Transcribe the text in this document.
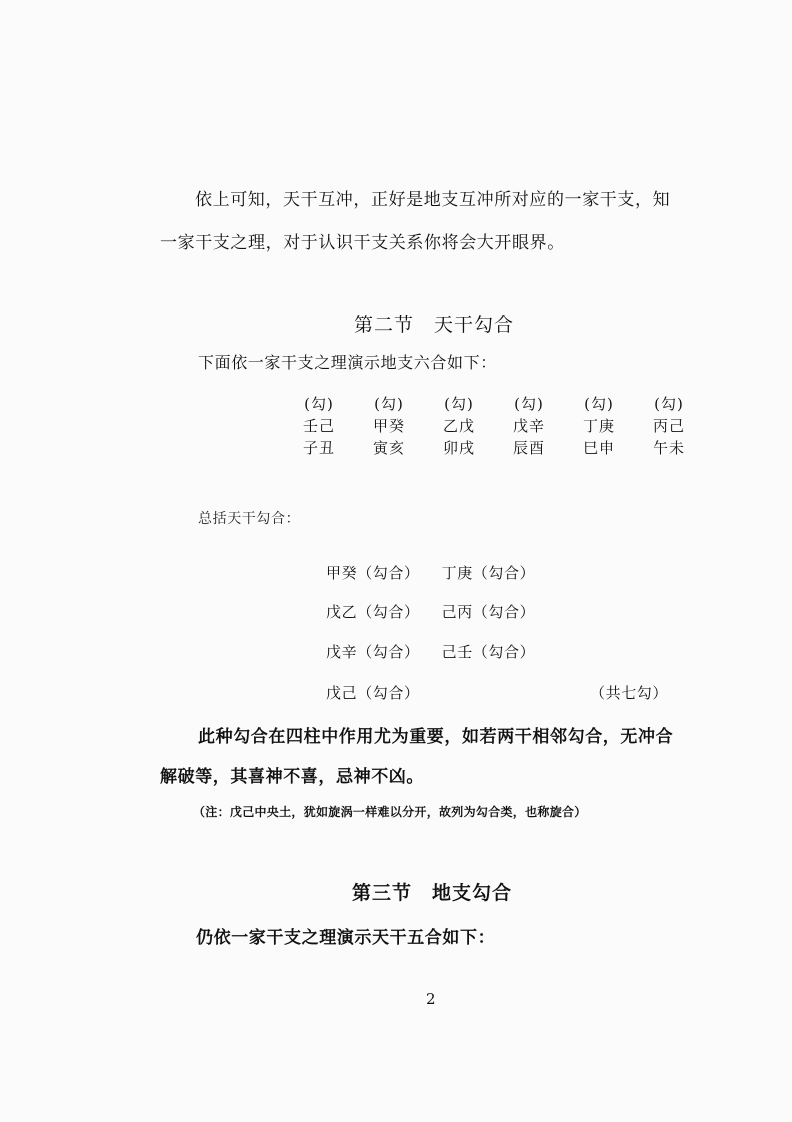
依上可知，天干互冲，正好是地支互冲所对应的一家干支，知
一家干支之理，对于认识干支关系你将会大开眼界。
第二节　天干勾合
下面依一家干支之理演示地支六合如下：
(勾)
壬己
子丑
(勾)
甲癸
寅亥
(勾)
乙戊
卯戌
(勾)
戊辛
辰酉
(勾)
丁庚
巳申
(勾)
丙己
午未
总括天干勾合：
甲癸（勾合） 丁庚（勾合）
戊乙（勾合） 己丙（勾合）
戊辛（勾合） 己壬（勾合）
戊己（勾合）	（共七勾）
此种勾合在四柱中作用尤为重要，如若两干相邻勾合，无冲合
解破等，其喜神不喜，忌神不凶。
（注：戊己中央土，犹如旋涡一样难以分开，故列为勾合类，也称旋合）
第三节　地支勾合
仍依一家干支之理演示天干五合如下：
2
